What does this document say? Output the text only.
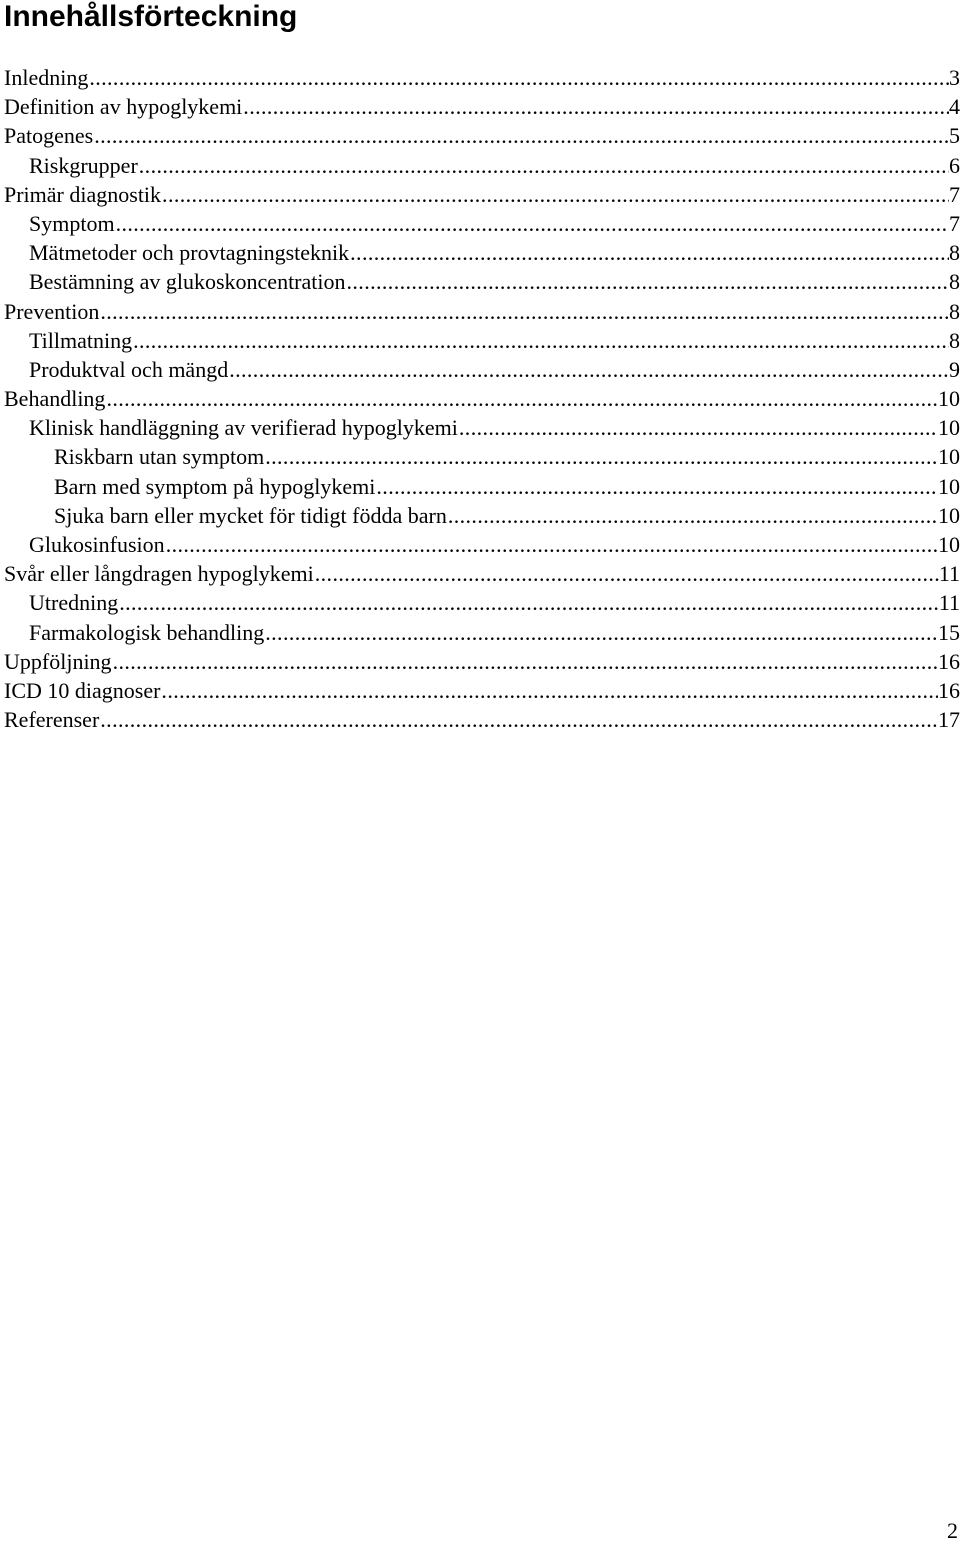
Innehållsförteckning
Inledning .....	3
Definition av hypoglykemi .....	4
Patogenes .....	5
Riskgrupper .....	6
Primär diagnostik .....	7
Symptom .....	7
Mätmetoder och provtagningsteknik .....	8
Bestämning av glukoskoncentration .....	8
Prevention .....	8
Tillmatning .....	8
Produktval och mängd .....	9
Behandling .....	10
Klinisk handläggning av verifierad hypoglykemi .....	10
Riskbarn utan symptom .....	10
Barn med symptom på hypoglykemi .....	10
Sjuka barn eller mycket för tidigt födda barn .....	10
Glukosinfusion .....	10
Svår eller långdragen hypoglykemi .....	11
Utredning .....	11
Farmakologisk behandling .....	15
Uppföljning .....	16
ICD 10 diagnoser .....	16
Referenser .....	17
2
